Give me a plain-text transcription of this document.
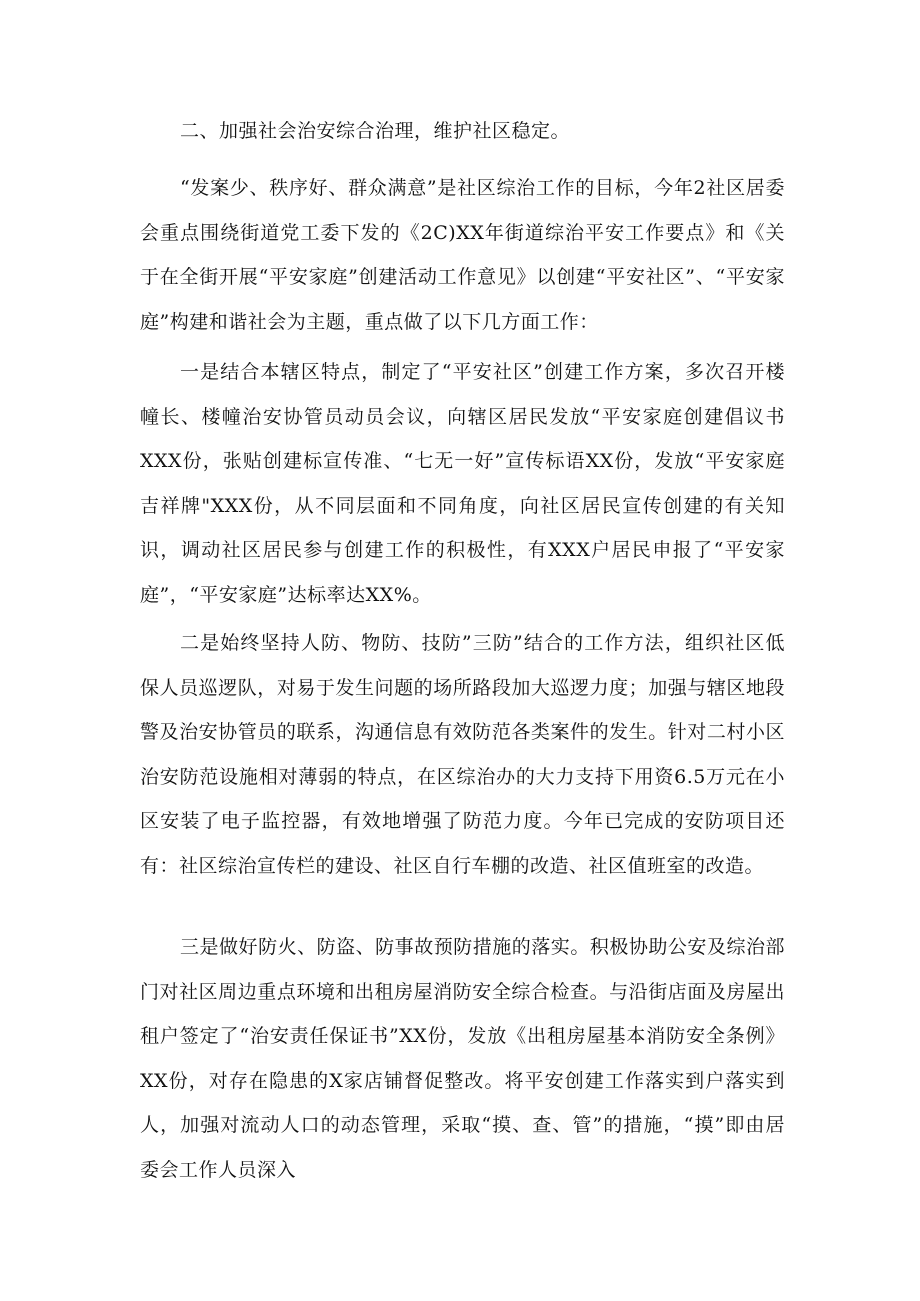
二、加强社会治安综合治理，维护社区稳定。

“发案少、秩序好、群众满意”是社区综治工作的目标，今年2社区居委会重点围绕街道党工委下发的《2C)XX年街道综治平安工作要点》和《关于在全街开展“平安家庭”创建活动工作意见》以创建“平安社区”、“平安家庭”构建和谐社会为主题，重点做了以下几方面工作：

一是结合本辖区特点，制定了“平安社区”创建工作方案，多次召开楼幢长、楼幢治安协管员动员会议，向辖区居民发放“平安家庭创建倡议书XXX份，张贴创建标宣传准、“七无一好”宣传标语XX份，发放“平安家庭吉祥牌"XXX份，从不同层面和不同角度，向社区居民宣传创建的有关知识，调动社区居民参与创建工作的积极性，有XXX户居民申报了“平安家庭”，“平安家庭”达标率达XX%。

二是始终坚持人防、物防、技防”三防”结合的工作方法，组织社区低保人员巡逻队，对易于发生问题的场所路段加大巡逻力度；加强与辖区地段警及治安协管员的联系，沟通信息有效防范各类案件的发生。针对二村小区治安防范设施相对薄弱的特点，在区综治办的大力支持下用资6.5万元在小区安装了电子监控器，有效地增强了防范力度。今年已完成的安防项目还有：社区综治宣传栏的建设、社区自行车棚的改造、社区值班室的改造。

三是做好防火、防盗、防事故预防措施的落实。积极协助公安及综治部门对社区周边重点环境和出租房屋消防安全综合检查。与沿街店面及房屋出租户签定了“治安责任保证书”XX份，发放《出租房屋基本消防安全条例》XX份，对存在隐患的X家店铺督促整改。将平安创建工作落实到户落实到人，加强对流动人口的动态管理，采取“摸、查、管”的措施，“摸”即由居委会工作人员深入
